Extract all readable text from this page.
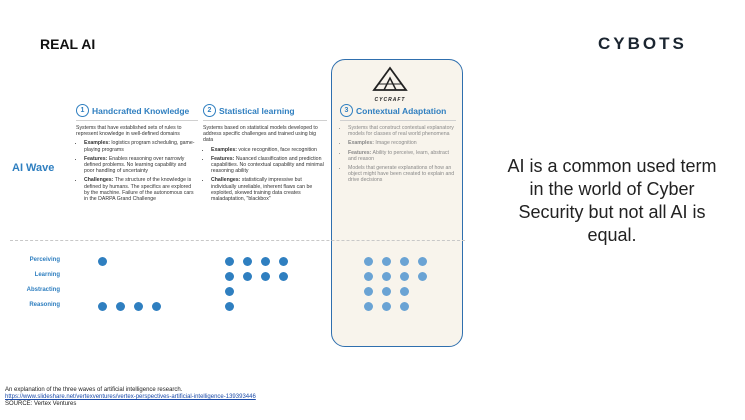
REAL AI	CYBOTS
CYCRAFT
1 Handcrafted Knowledge

Systems that have established sets of rules to represent knowledge in well-defined domains

• Examples: logistics program scheduling, game-playing programs
• Features: Enables reasoning over narrowly defined problems. No learning capability and poor handling of uncertainty
• Challenges: The structure of the knowledge is defined by humans. The specifics are explored by the machine. Failure of the autonomous cars in the DARPA Grand Challenge
2 Statistical learning

Systems based on statistical models developed to address specific challenges and trained using big data

• Examples: voice recognition, face recognition
• Features: Nuanced classification and prediction capabilities. No contextual capability and minimal reasoning ability
• Challenges: statistically impressive but individually unreliable, inherent flaws can be exploited, skewed training data creates maladaptation, "blackbox"
3 Contextual Adaptation
• Systems that construct contextual explanatory models for classes of real world phenomena
• Examples: Image recognition
• Features: Ability to perceive, learn, abstract and reason
• Models that generate explanations of how an object might have been created to explain and drive decisions
AI Wave
Perceiving
Learning
Abstracting
Reasoning
AI is a common used term in the world of Cyber Security but not all AI is equal.
An explanation of the three waves of artificial intelligence research.
https://www.slideshare.net/vertexventures/vertex-perspectives-artificial-intelligence-139393446
SOURCE: Vertex Ventures
